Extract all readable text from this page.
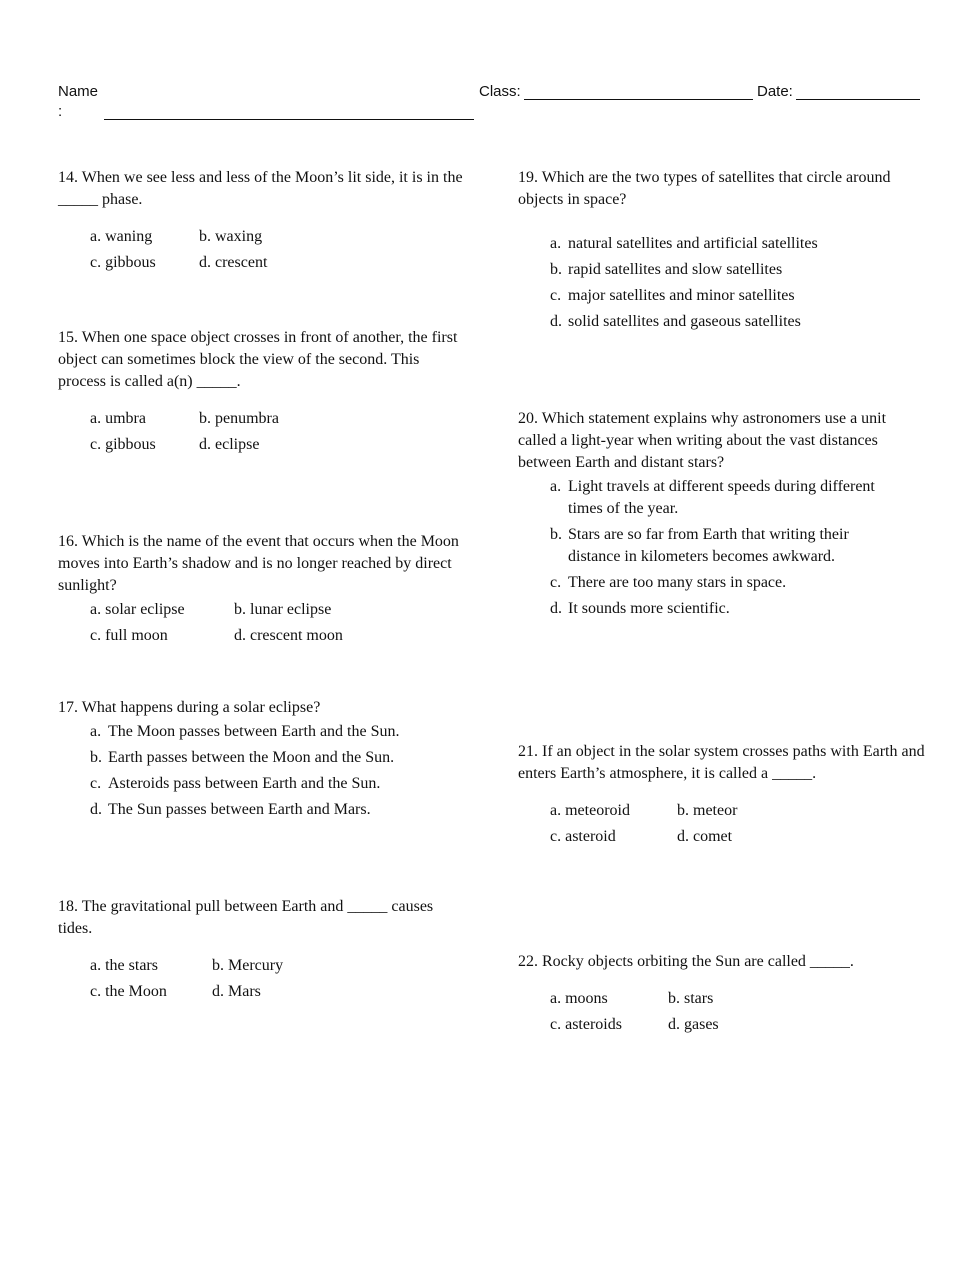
Name
:
Class:	Date:

14. When we see less and less of the Moon’s lit side, it is in the _____ phase.

a. waning	b. waxing
c. gibbous	d. crescent

15. When one space object crosses in front of another, the first object can sometimes block the view of the second. This process is called a(n) _____.

a. umbra	b. penumbra
c. gibbous	d. eclipse

16. Which is the name of the event that occurs when the Moon moves into Earth’s shadow and is no longer reached by direct sunlight?

a. solar eclipse	b. lunar eclipse
c. full moon	d. crescent moon

17. What happens during a solar eclipse?

a. The Moon passes between Earth and the Sun.
b. Earth passes between the Moon and the Sun.
c. Asteroids pass between Earth and the Sun.
d. The Sun passes between Earth and Mars.

18. The gravitational pull between Earth and _____ causes tides.

a. the stars	b. Mercury
c. the Moon	d. Mars

19. Which are the two types of satellites that circle around objects in space?

a. natural satellites and artificial satellites
b. rapid satellites and slow satellites
c. major satellites and minor satellites
d. solid satellites and gaseous satellites

20. Which statement explains why astronomers use a unit called a light-year when writing about the vast distances between Earth and distant stars?

a. Light travels at different speeds during different times of the year.
b. Stars are so far from Earth that writing their distance in kilometers becomes awkward.
c. There are too many stars in space.
d. It sounds more scientific.

21. If an object in the solar system crosses paths with Earth and enters Earth’s atmosphere, it is called a _____.

a. meteoroid	b. meteor
c. asteroid	d. comet

22. Rocky objects orbiting the Sun are called _____.

a. moons	b. stars
c. asteroids	d. gases
